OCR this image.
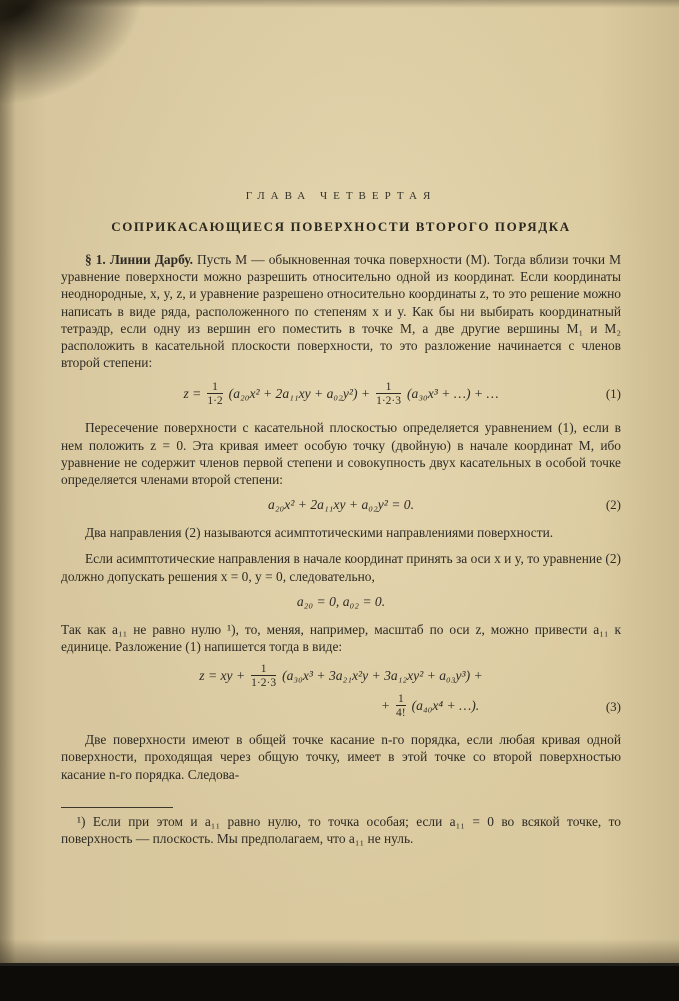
ГЛАВА ЧЕТВЕРТАЯ
СОПРИКАСАЮЩИЕСЯ ПОВЕРХНОСТИ ВТОРОГО ПОРЯДКА

§ 1. Линии Дарбу. Пусть M — обыкновенная точка поверхности (M). Тогда вблизи точки M уравнение поверхности можно разрешить относительно одной из координат. Если координаты неоднородные, x, y, z, и уравнение разрешено относительно координаты z, то это решение можно написать в виде ряда, расположенного по степеням x и y. Как бы ни выбирать координатный тетраэдр, если одну из вершин его поместить в точке M, а две другие вершины M₁ и M₂ расположить в касательной плоскости поверхности, то это разложение начинается с членов второй степени:

$z = \frac{1}{1\cdot 2} (a_{20}x^2 + 2a_{11}xy + a_{02}y^2) + \frac{1}{1\cdot 2\cdot 3} (a_{30}x^3$ + …) + …	(1)

Пересечение поверхности с касательной плоскостью определяется уравнением (1), если в нем положить z = 0. Эта кривая имеет особую точку (двойную) в начале координат M, ибо уравнение не содержит членов первой степени и совокупность двух касательных в особой точке определяется членами второй степени:

a₂₀x² + 2a₁₁xy + a₀₂y² = 0.	(2)

Два направления (2) называются асимптотическими направлениями поверхности.

Если асимптотические направления в начале координат принять за оси x и y, то уравнение (2) должно допускать решения x = 0, y = 0, следовательно,

a₂₀ = 0, a₀₂ = 0.

Так как a₁₁ не равно нулю ¹), то, меняя, например, масштаб по оси z, можно привести a₁₁ к единице. Разложение (1) напишется тогда в виде:

z = xy + $\frac{1}{1\cdot 2\cdot 3} (a_{30}x^3 + 3a_{21}x^2y + 3a_{12}xy^2 + a_{03}y^3)$ +
+ $\frac{1}{4!} (a_{40}x^4$ + …).	(3)

Две поверхности имеют в общей точке касание n-го порядка, если любая кривая одной поверхности, проходящая через общую точку, имеет в этой точке со второй поверхностью касание n-го порядка. Следова-

¹) Если при этом и a₁₁ равно нулю, то точка особая; если a₁₁ = 0 во всякой точке, то поверхность — плоскость. Мы предполагаем, что a₁₁ не нуль.
